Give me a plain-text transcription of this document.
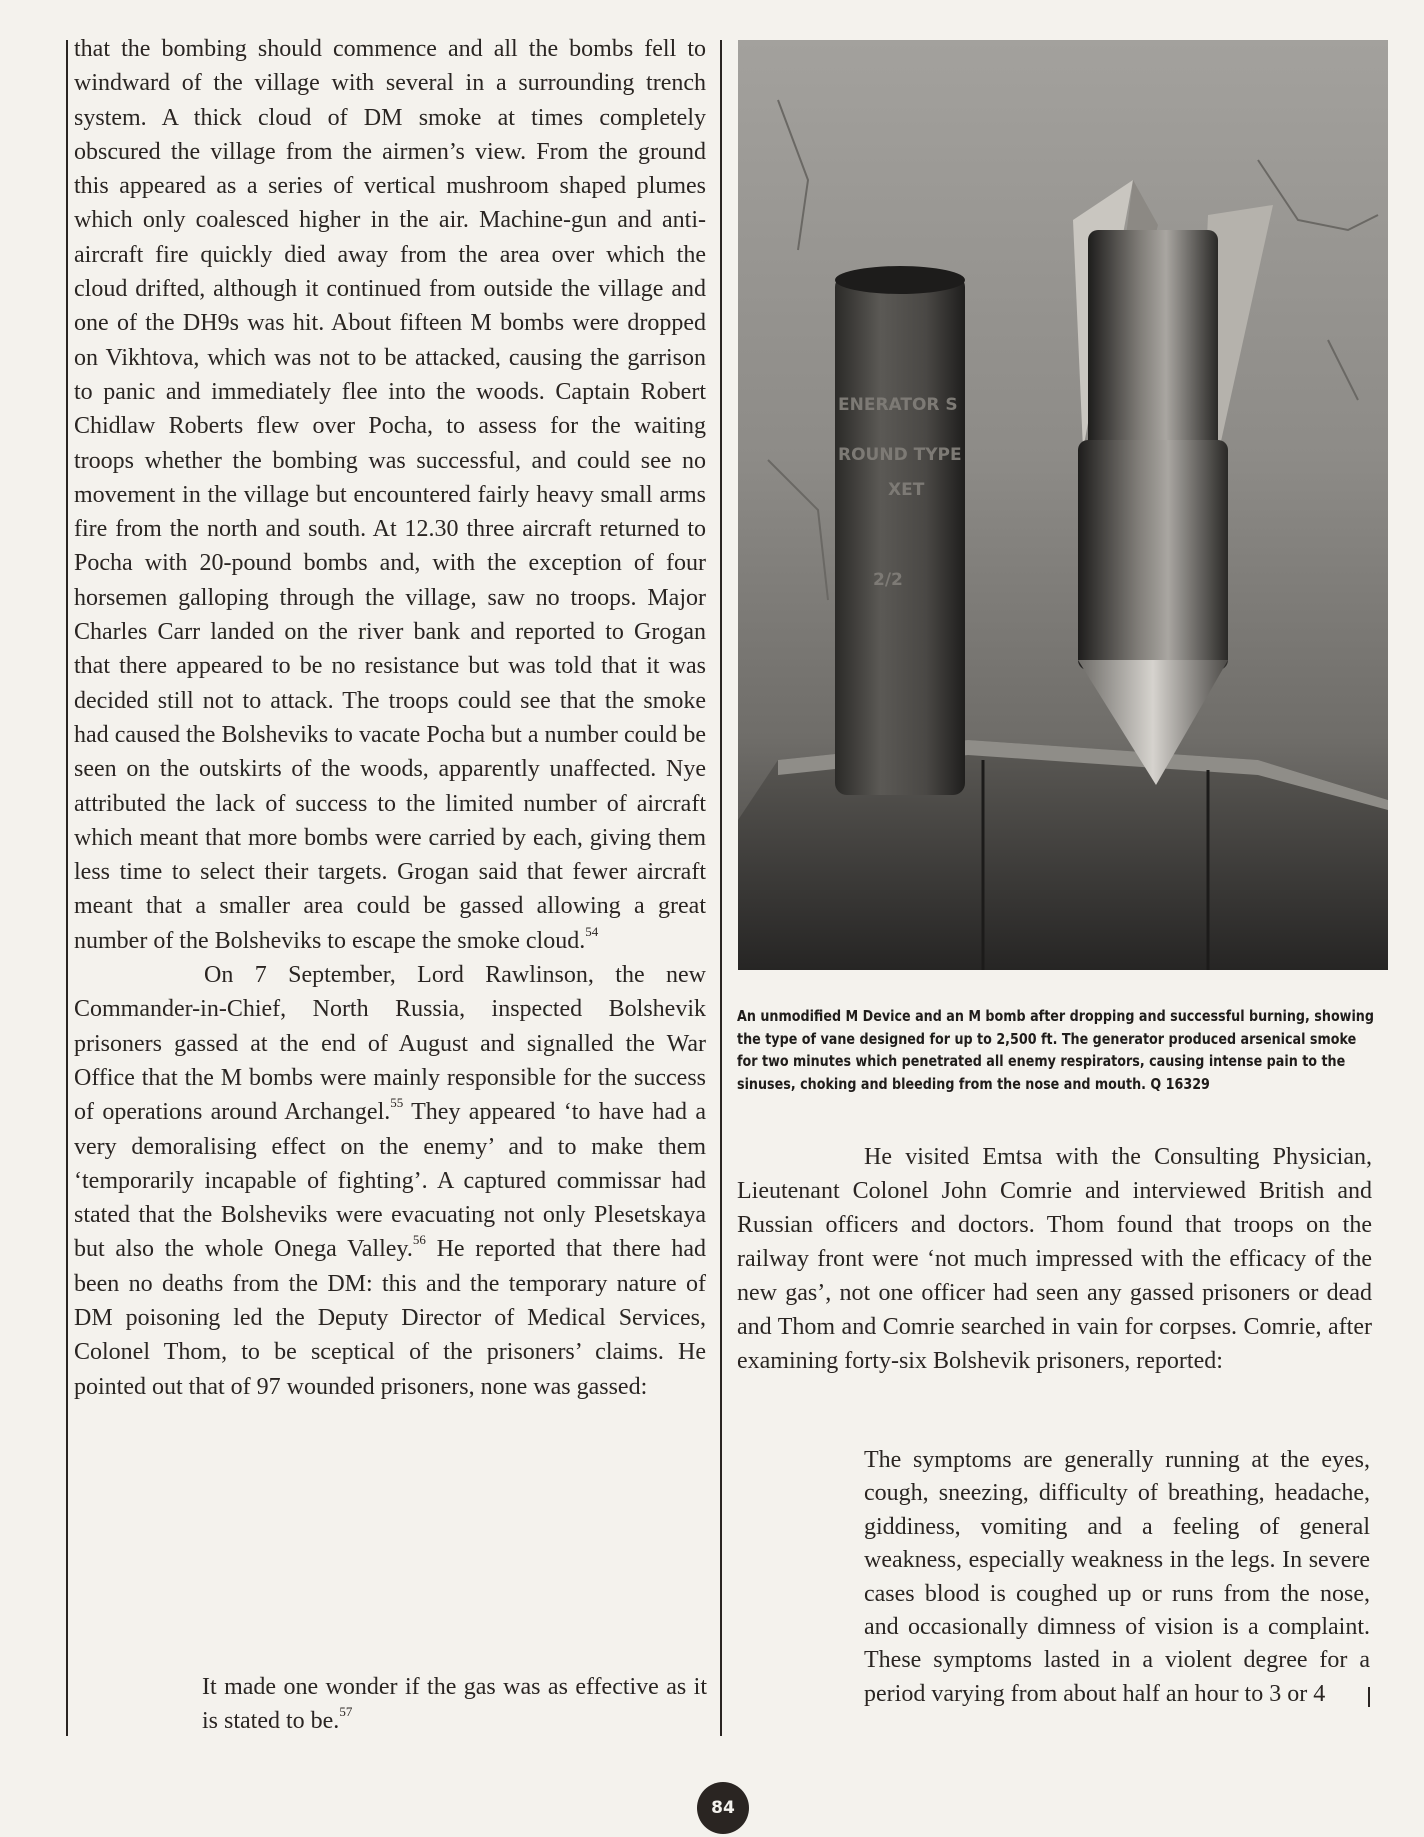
that the bombing should commence and all the bombs fell to windward of the village with several in a surrounding trench system. A thick cloud of DM smoke at times completely obscured the village from the airmen’s view. From the ground this appeared as a series of vertical mushroom shaped plumes which only coalesced higher in the air. Machine-gun and anti-aircraft fire quickly died away from the area over which the cloud drifted, although it continued from outside the village and one of the DH9s was hit. About fifteen M bombs were dropped on Vikhtova, which was not to be attacked, causing the garrison to panic and immediately flee into the woods. Captain Robert Chidlaw Roberts flew over Pocha, to assess for the waiting troops whether the bombing was successful, and could see no movement in the village but encountered fairly heavy small arms fire from the north and south. At 12.30 three aircraft returned to Pocha with 20-pound bombs and, with the exception of four horsemen galloping through the village, saw no troops. Major Charles Carr landed on the river bank and reported to Grogan that there appeared to be no resistance but was told that it was decided still not to attack. The troops could see that the smoke had caused the Bolsheviks to vacate Pocha but a number could be seen on the outskirts of the woods, apparently unaffected. Nye attributed the lack of success to the limited number of aircraft which meant that more bombs were carried by each, giving them less time to select their targets. Grogan said that fewer aircraft meant that a smaller area could be gassed allowing a great number of the Bolsheviks to escape the smoke cloud.$^{54}$

On 7 September, Lord Rawlinson, the new Commander-in-Chief, North Russia, inspected Bolshevik prisoners gassed at the end of August and signalled the War Office that the M bombs were mainly responsible for the success of operations around Archangel.$^{55}$ They appeared ‘to have had a very demoralising effect on the enemy’ and to make them ‘temporarily incapable of fighting’. A captured commissar had stated that the Bolsheviks were evacuating not only Plesetskaya but also the whole Onega Valley.$^{56}$ He reported that there had been no deaths from the DM: this and the temporary nature of DM poisoning led the Deputy Director of Medical Services, Colonel Thom, to be sceptical of the prisoners’ claims. He pointed out that of 97 wounded prisoners, none was gassed:

It made one wonder if the gas was as effective as it is stated to be.$^{57}$

ENERATOR S
ROUND TYPE
XET
2/2
An unmodified M Device and an M bomb after dropping and successful burning, showing
the type of vane designed for up to 2,500 ft. The generator produced arsenical smoke
for two minutes which penetrated all enemy respirators, causing intense pain to the
sinuses, choking and bleeding from the nose and mouth. Q 16329

He visited Emtsa with the Consulting Physician, Lieutenant Colonel John Comrie and interviewed British and Russian officers and doctors. Thom found that troops on the railway front were ‘not much impressed with the efficacy of the new gas’, not one officer had seen any gassed prisoners or dead and Thom and Comrie searched in vain for corpses. Comrie, after examining forty-six Bolshevik prisoners, reported:

The symptoms are generally running at the eyes, cough, sneezing, difficulty of breathing, headache, giddiness, vomiting and a feeling of general weakness, especially weakness in the legs. In severe cases blood is coughed up or runs from the nose, and occasionally dimness of vision is a complaint. These symptoms lasted in a violent degree for a period varying from about half an hour to 3 or 4

84
